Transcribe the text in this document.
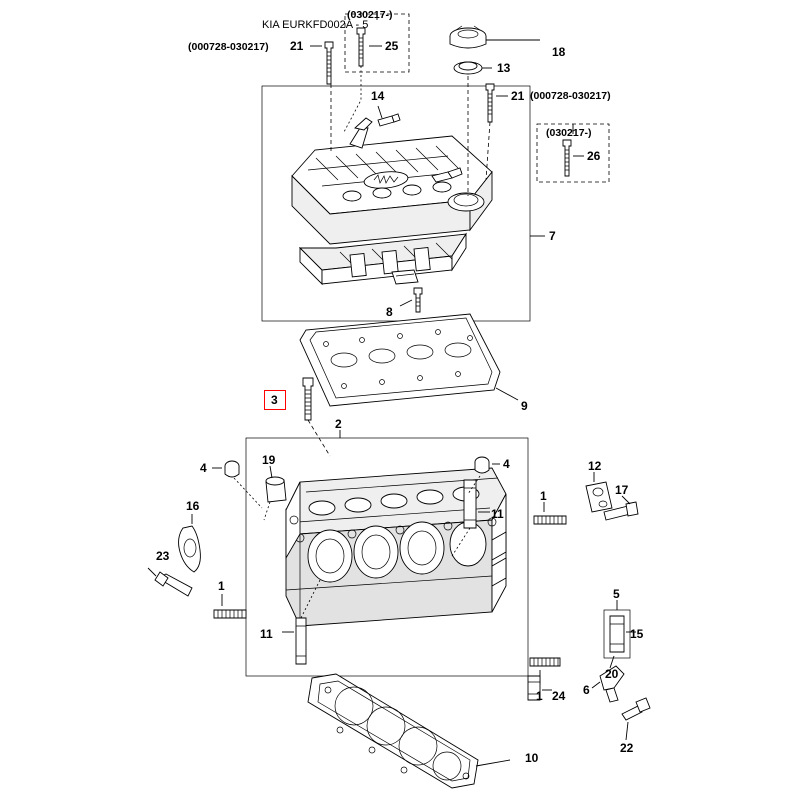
KIA EURKFD002A - 5
(000728-030217)
(030217-)
(000728-030217)
(030217-)
21	25	18
13
21
14
26
7
8
9
3
2
4
19	4	12
17
16
23
1
11
11
1
5
15
20
1 24 6
22
10
